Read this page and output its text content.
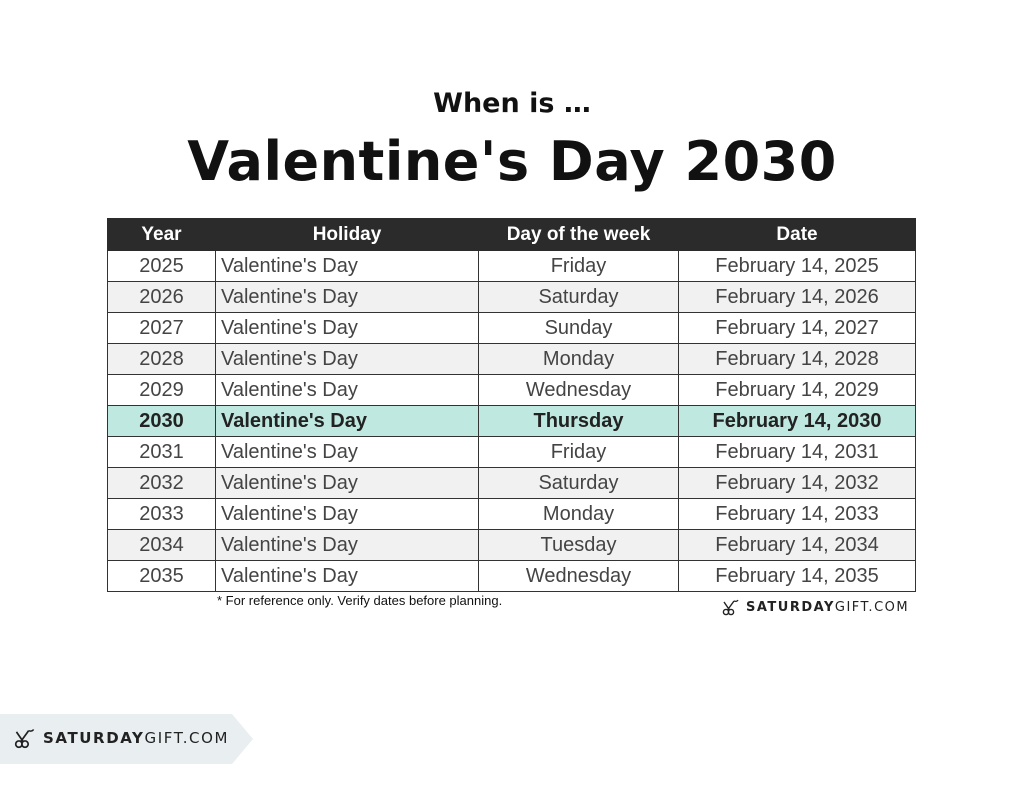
When is …
Valentine's Day 2030
Year	Holiday	Day of the week	Date
2025	Valentine's Day	Friday	February 14, 2025
2026	Valentine's Day	Saturday	February 14, 2026
2027	Valentine's Day	Sunday	February 14, 2027
2028	Valentine's Day	Monday	February 14, 2028
2029	Valentine's Day	Wednesday	February 14, 2029
2030	Valentine's Day	Thursday	February 14, 2030
2031	Valentine's Day	Friday	February 14, 2031
2032	Valentine's Day	Saturday	February 14, 2032
2033	Valentine's Day	Monday	February 14, 2033
2034	Valentine's Day	Tuesday	February 14, 2034
2035	Valentine's Day	Wednesday	February 14, 2035
* For reference only. Verify dates before planning.	SATURDAY GIFT.COM
SATURDAY GIFT.COM
